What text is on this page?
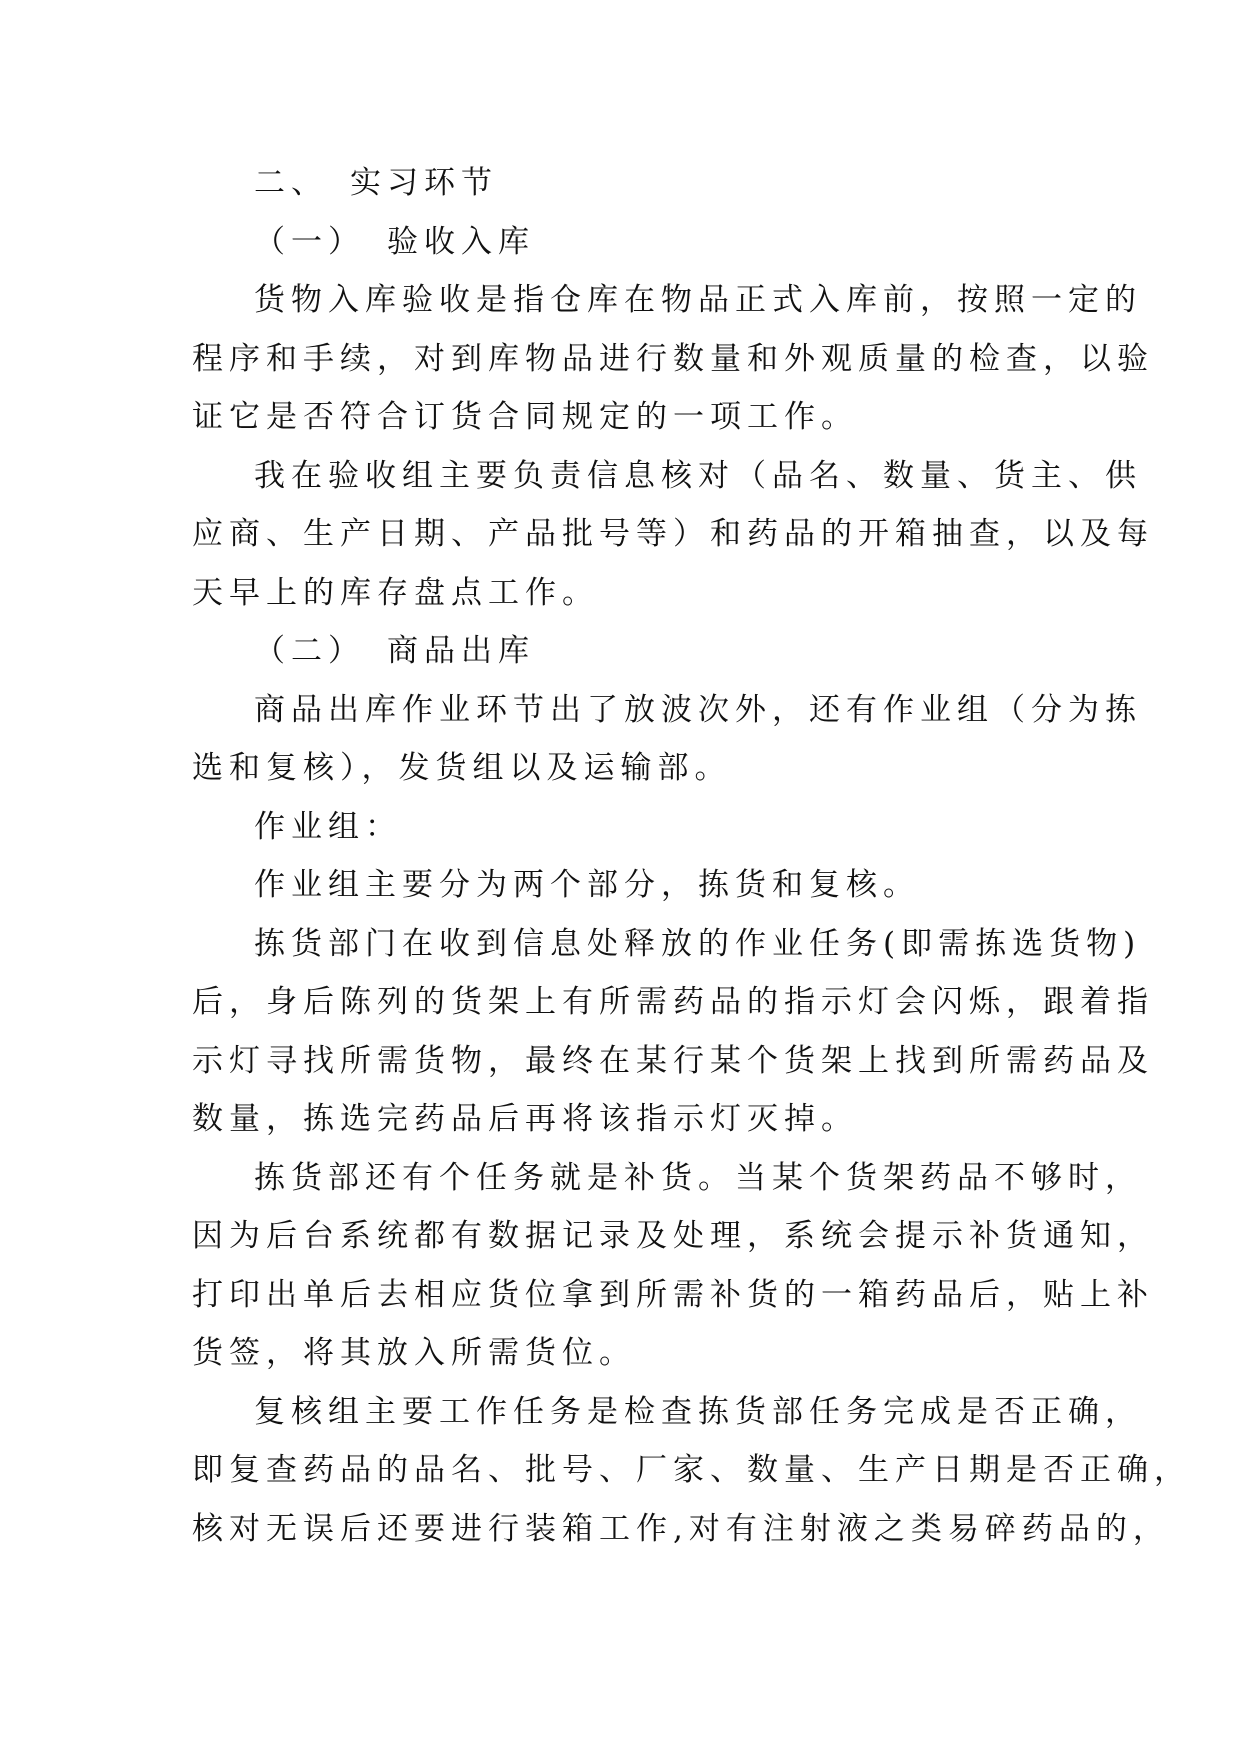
二、 实习环节
（一） 验收入库
货物入库验收是指仓库在物品正式入库前，按照一定的
程序和手续，对到库物品进行数量和外观质量的检查，以验
证它是否符合订货合同规定的一项工作。
我在验收组主要负责信息核对（品名、数量、货主、供
应商、生产日期、产品批号等）和药品的开箱抽查，以及每
天早上的库存盘点工作。
（二） 商品出库
商品出库作业环节出了放波次外，还有作业组（分为拣
选和复核），发货组以及运输部。
作业组：
作业组主要分为两个部分，拣货和复核。
拣货部门在收到信息处释放的作业任务(即需拣选货物)
后，身后陈列的货架上有所需药品的指示灯会闪烁，跟着指
示灯寻找所需货物，最终在某行某个货架上找到所需药品及
数量，拣选完药品后再将该指示灯灭掉。
拣货部还有个任务就是补货。当某个货架药品不够时，
因为后台系统都有数据记录及处理，系统会提示补货通知，
打印出单后去相应货位拿到所需补货的一箱药品后，贴上补
货签，将其放入所需货位。
复核组主要工作任务是检查拣货部任务完成是否正确，
即复查药品的品名、批号、厂家、数量、生产日期是否正确，
核对无误后还要进行装箱工作,对有注射液之类易碎药品的，
